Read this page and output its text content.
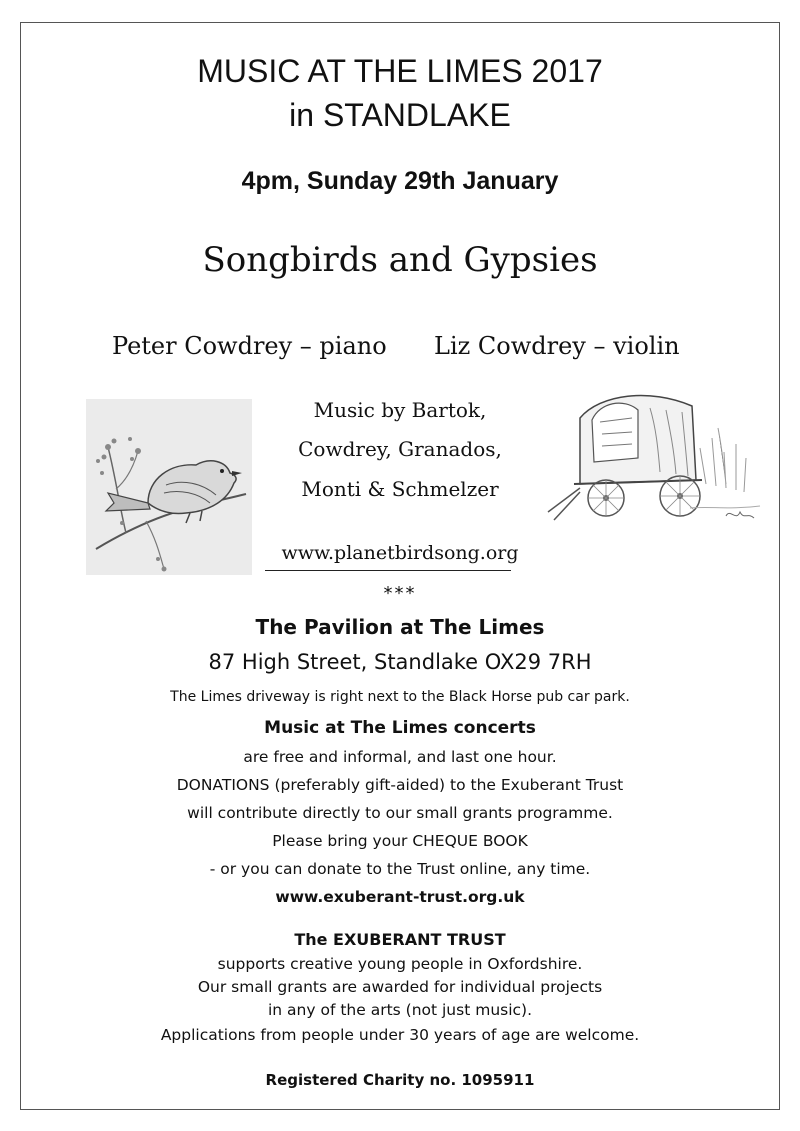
MUSIC AT THE LIMES 2017
in STANDLAKE
4pm, Sunday 29th January
Songbirds and Gypsies
Peter Cowdrey – piano Liz Cowdrey – violin
Music by Bartok,
Cowdrey, Granados,
Monti & Schmelzer
www.planetbirdsong.org
***
The Pavilion at The Limes
87 High Street, Standlake OX29 7RH
The Limes driveway is right next to the Black Horse pub car park.
Music at The Limes concerts
are free and informal, and last one hour.
DONATIONS (preferably gift-aided) to the Exuberant Trust
will contribute directly to our small grants programme.
Please bring your CHEQUE BOOK
- or you can donate to the Trust online, any time.
www.exuberant-trust.org.uk
The EXUBERANT TRUST
supports creative young people in Oxfordshire.
Our small grants are awarded for individual projects
in any of the arts (not just music).
Applications from people under 30 years of age are welcome.
Registered Charity no. 1095911
